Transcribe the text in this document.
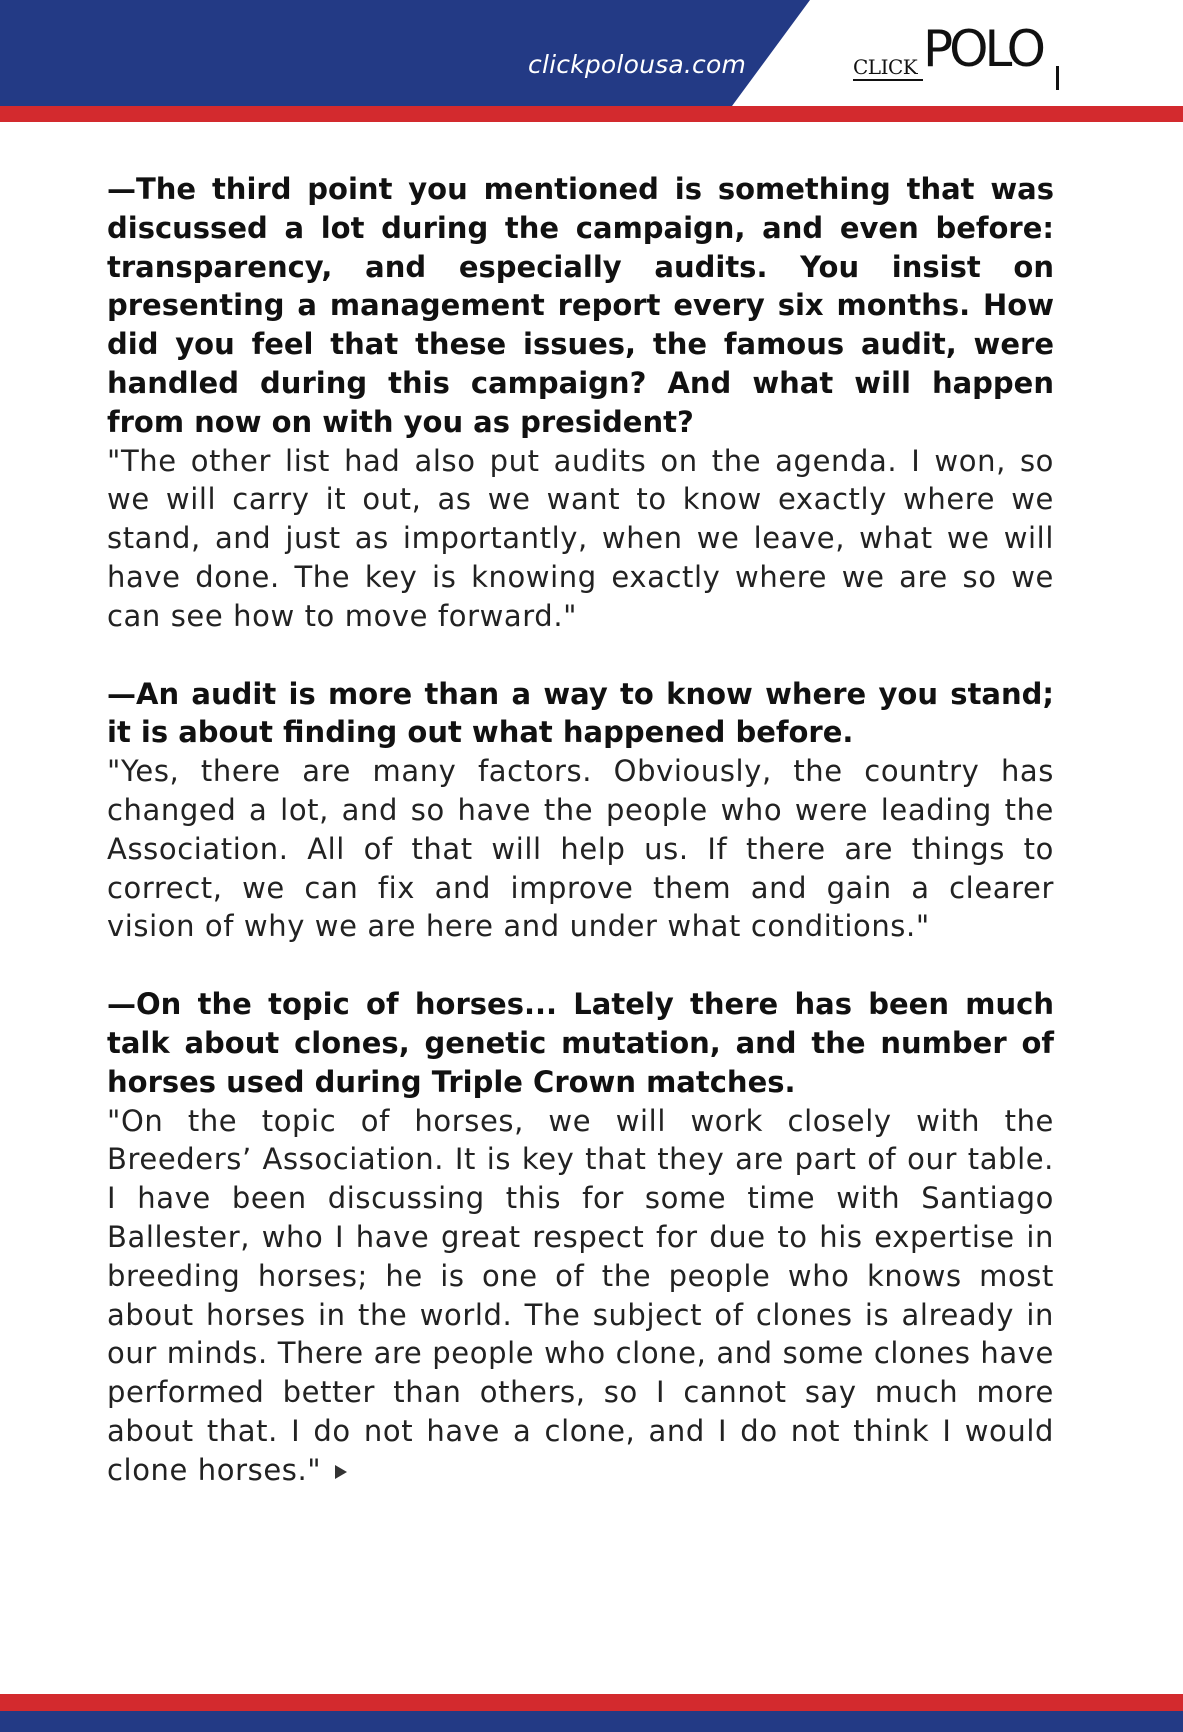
clickpolousa.com	CLICK POLO

—The third point you mentioned is something that was discussed a lot during the campaign, and even before: transparency, and especially audits. You insist on presenting a management report every six months. How did you feel that these issues, the famous audit, were handled during this campaign? And what will happen from now on with you as president?

"The other list had also put audits on the agenda. I won, so we will carry it out, as we want to know exactly where we stand, and just as importantly, when we leave, what we will have done. The key is knowing exactly where we are so we can see how to move forward."

—An audit is more than a way to know where you stand; it is about finding out what happened before.

"Yes, there are many factors. Obviously, the country has changed a lot, and so have the people who were leading the Association. All of that will help us. If there are things to correct, we can fix and improve them and gain a clearer vision of why we are here and under what conditions."

—On the topic of horses... Lately there has been much talk about clones, genetic mutation, and the number of horses used during Triple Crown matches.

"On the topic of horses, we will work closely with the Breeders’ Association. It is key that they are part of our table. I have been discussing this for some time with Santiago Ballester, who I have great respect for due to his expertise in breeding horses; he is one of the people who knows most about horses in the world. The subject of clones is already in our minds. There are people who clone, and some clones have performed better than others, so I cannot say much more about that. I do not have a clone, and I do not think I would clone horses."
